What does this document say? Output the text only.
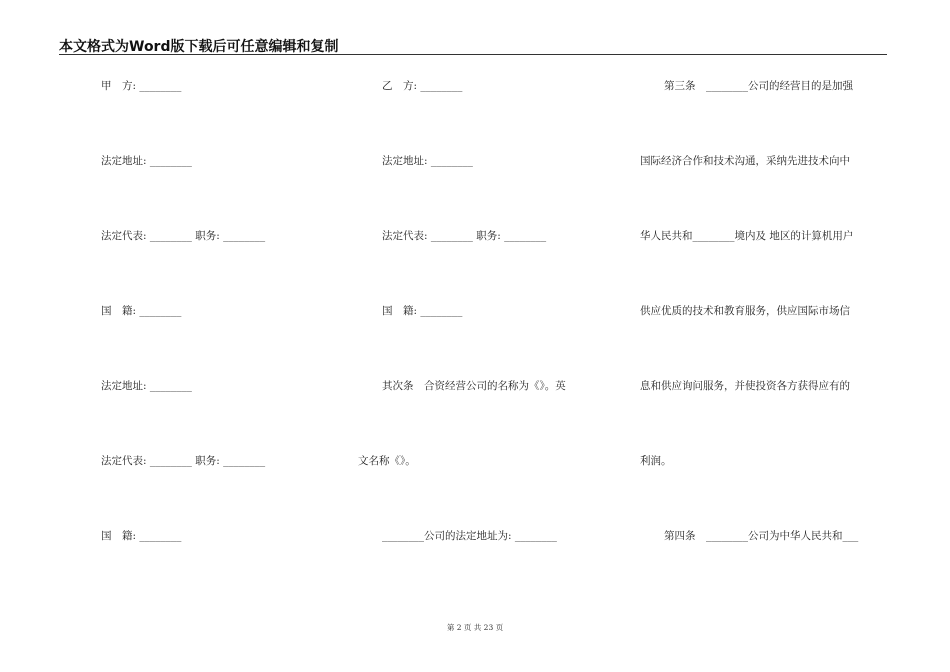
本文格式为Word版下载后可任意编辑和复制
甲　方: ________
法定地址: ________
法定代表: ________ 职务: ________
国　籍: ________
法定地址: ________
法定代表: ________ 职务: ________
国　籍: ________
乙　方: ________
法定地址: ________
法定代表: ________ 职务: ________
国　籍: ________
其次条　合资经营公司的名称为《》。英
文名称《》。
________公司的法定地址为: ________
第三条　________公司的经营目的是加强
国际经济合作和技术沟通，采纳先进技术向中
华人民共和________境内及 地区的计算机用户
供应优质的技术和教育服务，供应国际市场信
息和供应询问服务，并使投资各方获得应有的
利润。
第四条　________公司为中华人民共和___
第 2 页 共 23 页
